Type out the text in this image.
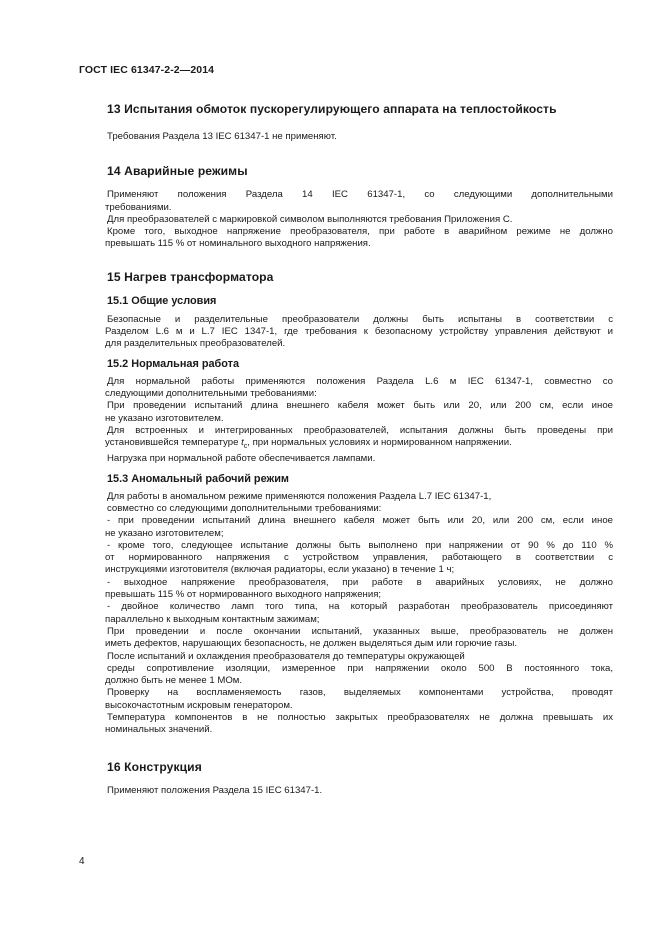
ГОСТ IEC 61347-2-2—2014
13 Испытания обмоток пускорегулирующего аппарата на теплостойкость

Требования Раздела 13 IEC 61347-1 не применяют.

14 Аварийные режимы

Применяют положения Раздела 14 IEC 61347-1, со следующими дополнительными

требованиями.

Для преобразователей с маркировкой символом выполняются требования Приложения С.

Кроме того, выходное напряжение преобразователя, при работе в аварийном режиме не должно

превышать 115 % от номинального выходного напряжения.

15 Нагрев трансформатора
15.1 Общие условия

Безопасные и разделительные преобразователи должны быть испытаны в соответствии с

Разделом L.6 м и L.7 IEC 1347-1, где требования к безопасному устройству управления действуют и

для разделительных преобразователей.

15.2 Нормальная работа

Для нормальной работы применяются положения Раздела L.6 м IEC 61347-1, совместно со

следующими дополнительными требованиями:

При проведении испытаний длина внешнего кабеля может быть или 20, или 200 см, если иное

не указано изготовителем.

Для встроенных и интегрированных преобразователей, испытания должны быть проведены при

установившейся температуре $t_c$, при нормальных условиях и нормированном напряжении.

Нагрузка при нормальной работе обеспечивается лампами.

15.3 Аномальный рабочий режим

Для работы в аномальном режиме применяются положения Раздела L.7 IEC 61347-1,

совместно со следующими дополнительными требованиями:

- при проведении испытаний длина внешнего кабеля может быть или 20, или 200 см, если иное

не указано изготовителем;

- кроме того, следующее испытание должны быть выполнено при напряжении от 90 % до 110 %

от нормированного напряжения с устройством управления, работающего в соответствии с

инструкциями изготовителя (включая радиаторы, если указано) в течение 1 ч;

- выходное напряжение преобразователя, при работе в аварийных условиях, не должно

превышать 115 % от нормированного выходного напряжения;

- двойное количество ламп того типа, на который разработан преобразователь присоединяют

параллельно к выходным контактным зажимам;

При проведении и после окончании испытаний, указанных выше, преобразователь не должен

иметь дефектов, нарушающих безопасность, не должен выделяться дым или горючие газы.

После испытаний и охлаждения преобразователя до температуры окружающей

среды сопротивление изоляции, измеренное при напряжении около 500 В постоянного тока,

должно быть не менее 1 МОм.

Проверку на воспламеняемость газов, выделяемых компонентами устройства, проводят

высокочастотным искровым генератором.

Температура компонентов в не полностью закрытых преобразователях не должна превышать их

номинальных значений.

16 Конструкция

Применяют положения Раздела 15 IEC 61347-1.

4
